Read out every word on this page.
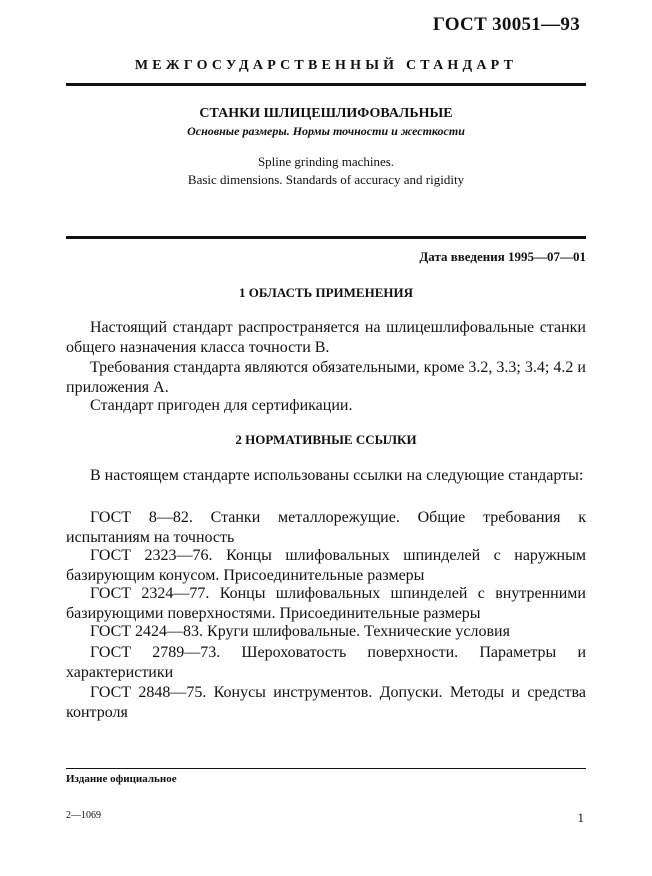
ГОСТ 30051—93
МЕЖГОСУДАРСТВЕННЫЙ СТАНДАРТ
СТАНКИ ШЛИЦЕШЛИФОВАЛЬНЫЕ
Основные размеры. Нормы точности и жесткости
Spline grinding machines.
Basic dimensions. Standards of accuracy and rigidity
Дата введения 1995—07—01
1 ОБЛАСТЬ ПРИМЕНЕНИЯ
Настоящий стандарт распространяется на шлицешлифовальные станки общего назначения класса точности В.
Требования стандарта являются обязательными, кроме 3.2, 3.3; 3.4; 4.2 и приложения А.
Стандарт пригоден для сертификации.
2 НОРМАТИВНЫЕ ССЫЛКИ
В настоящем стандарте использованы ссылки на следующие стандарты:
ГОСТ 8—82. Станки металлорежущие. Общие требования к испытаниям на точность
ГОСТ 2323—76. Концы шлифовальных шпинделей с наружным базирующим конусом. Присоединительные размеры
ГОСТ 2324—77. Концы шлифовальных шпинделей с внутренними базирующими поверхностями. Присоединительные размеры
ГОСТ 2424—83. Круги шлифовальные. Технические условия
ГОСТ 2789—73. Шероховатость поверхности. Параметры и характеристики
ГОСТ 2848—75. Конусы инструментов. Допуски. Методы и средства контроля
Издание официальное
2—1069	1
